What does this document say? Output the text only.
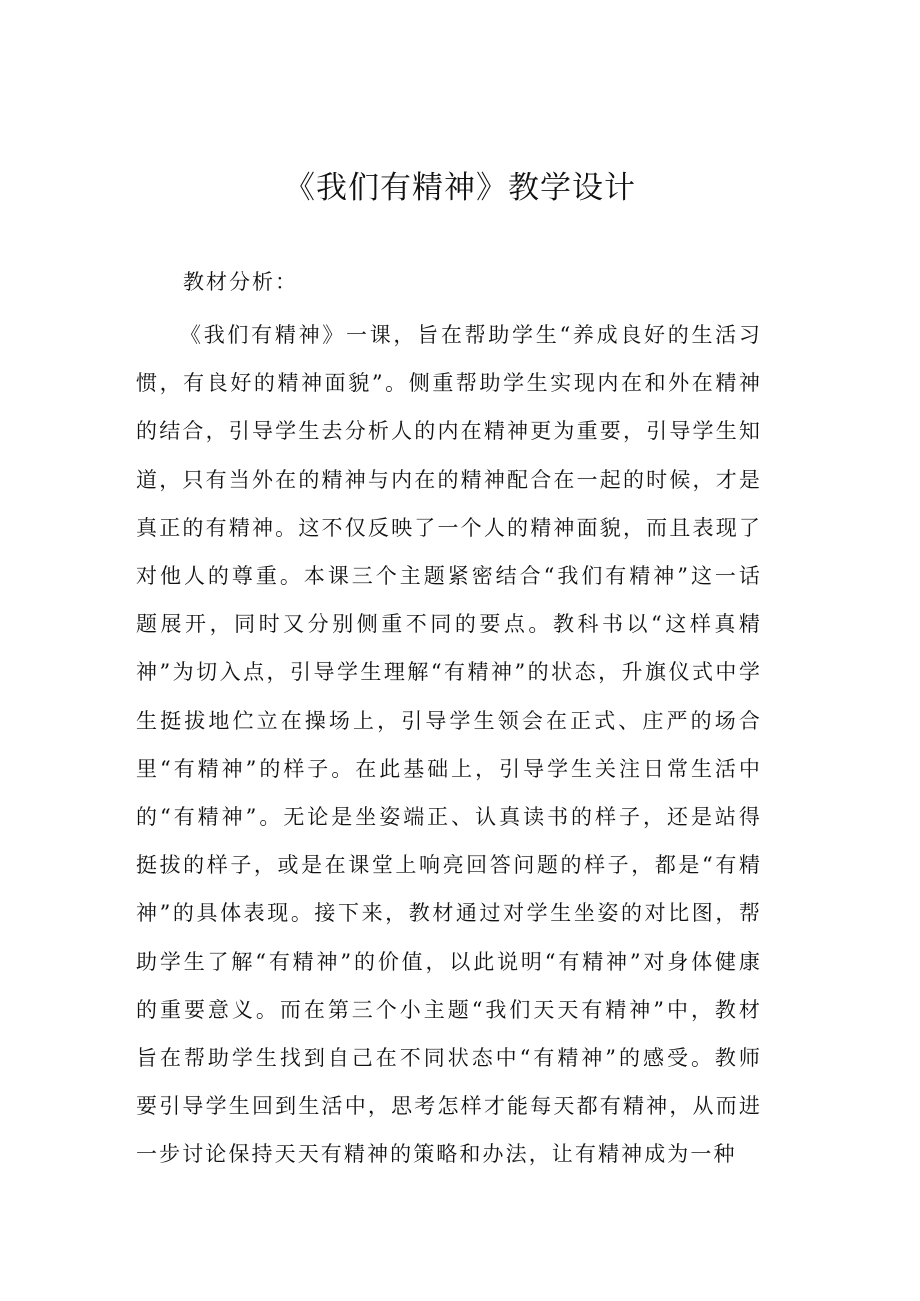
《我们有精神》教学设计
教材分析：

《我们有精神》一课，旨在帮助学生“养成良好的生活习惯，有良好的精神面貌”。侧重帮助学生实现内在和外在精神的结合，引导学生去分析人的内在精神更为重要，引导学生知道，只有当外在的精神与内在的精神配合在一起的时候，才是真正的有精神。这不仅反映了一个人的精神面貌，而且表现了对他人的尊重。本课三个主题紧密结合“我们有精神”这一话题展开，同时又分别侧重不同的要点。教科书以“这样真精神”为切入点，引导学生理解“有精神”的状态，升旗仪式中学生挺拔地伫立在操场上，引导学生领会在正式、庄严的场合里“有精神”的样子。在此基础上，引导学生关注日常生活中的“有精神”。无论是坐姿端正、认真读书的样子，还是站得挺拔的样子，或是在课堂上响亮回答问题的样子，都是“有精神”的具体表现。接下来，教材通过对学生坐姿的对比图，帮助学生了解“有精神”的价值，以此说明“有精神”对身体健康的重要意义。而在第三个小主题“我们天天有精神”中，教材旨在帮助学生找到自己在不同状态中“有精神”的感受。教师要引导学生回到生活中，思考怎样才能每天都有精神，从而进一步讨论保持天天有精神的策略和办法，让有精神成为一种
